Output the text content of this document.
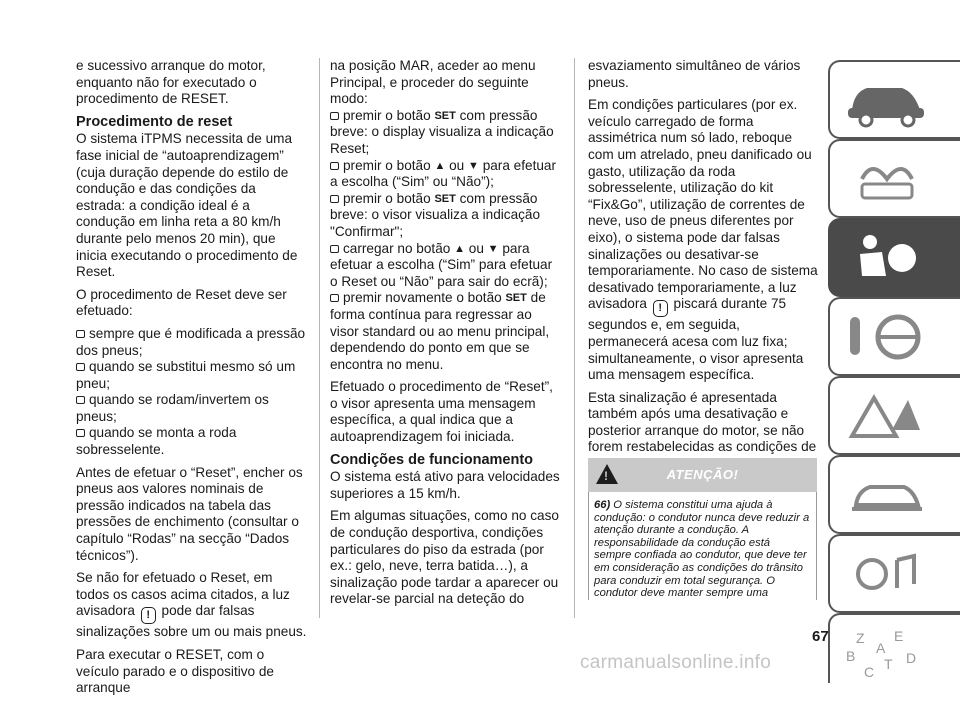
e sucessivo arranque do motor, enquanto não for executado o procedimento de RESET.

Procedimento de reset

O sistema iTPMS necessita de uma fase inicial de “autoaprendizagem” (cuja duração depende do estilo de condução e das condições da estrada: a condição ideal é a condução em linha reta a 80 km/h durante pelo menos 20 min), que inicia executando o procedimento de Reset.

O procedimento de Reset deve ser efetuado:

sempre que é modificada a pressão dos pneus;

quando se substitui mesmo só um pneu;

quando se rodam/invertem os pneus;

quando se monta a roda sobresselente.

Antes de efetuar o “Reset”, encher os pneus aos valores nominais de pressão indicados na tabela das pressões de enchimento (consultar o capítulo “Rodas” na secção “Dados técnicos”).

Se não for efetuado o Reset, em todos os casos acima citados, a luz avisadora ! pode dar falsas sinalizações sobre um ou mais pneus.

Para executar o RESET, com o veículo parado e o dispositivo de arranque

na posição MAR, aceder ao menu Principal, e proceder do seguinte modo:

premir o botão SET com pressão breve: o display visualiza a indicação Reset;

premir o botão ▲ ou ▼ para efetuar a escolha (“Sim” ou “Não”);

premir o botão SET com pressão breve: o visor visualiza a indicação "Confirmar";

carregar no botão ▲ ou ▼ para efetuar a escolha (“Sim” para efetuar o Reset ou “Não” para sair do ecrã);

premir novamente o botão SET de forma contínua para regressar ao visor standard ou ao menu principal, dependendo do ponto em que se encontra no menu.

Efetuado o procedimento de “Reset”, o visor apresenta uma mensagem específica, a qual indica que a autoaprendizagem foi iniciada.

Condições de funcionamento

O sistema está ativo para velocidades superiores a 15 km/h.

Em algumas situações, como no caso de condução desportiva, condições particulares do piso da estrada (por ex.: gelo, neve, terra batida…), a sinalização pode tardar a aparecer ou revelar-se parcial na deteção do

esvaziamento simultâneo de vários pneus.

Em condições particulares (por ex. veículo carregado de forma assimétrica num só lado, reboque com um atrelado, pneu danificado ou gasto, utilização da roda sobresselente, utilização do kit “Fix&Go”, utilização de correntes de neve, uso de pneus diferentes por eixo), o sistema pode dar falsas sinalizações ou desativar-se temporariamente. No caso de sistema desativado temporariamente, a luz avisadora ! piscará durante 75 segundos e, em seguida, permanecerá acesa com luz fixa; simultaneamente, o visor apresenta uma mensagem específica.

Esta sinalização é apresentada também após uma desativação e posterior arranque do motor, se não forem restabelecidas as condições de

!	ATENÇÃO!
66) O sistema constitui uma ajuda à condução: o condutor nunca deve reduzir a atenção durante a condução. A responsabilidade da condução está sempre confiada ao condutor, que deve ter em consideração as condições do trânsito para conduzir em total segurança. O condutor deve manter sempre uma
Z E
B
C T D
A
67
carmanualsonline.info
